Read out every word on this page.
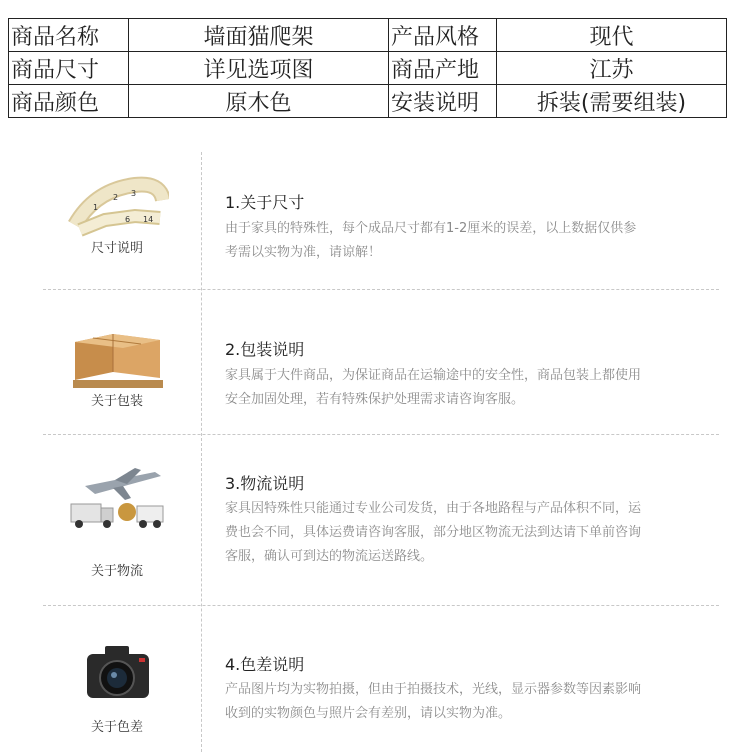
商品名称	墙面猫爬架	产品风格	现代
商品尺寸	详见选项图	商品产地	江苏
商品颜色	原木色	安装说明	拆装(需要组装)
1
2 3
6 14
尺寸说明
1.关于尺寸
由于家具的特殊性，每个成品尺寸都有1-2厘米的误差，以上数据仅供参
考需以实物为准，请谅解！
关于包装
2.包装说明
家具属于大件商品，为保证商品在运输途中的安全性，商品包装上都使用
安全加固处理，若有特殊保护处理需求请咨询客服。
关于物流
3.物流说明
家具因特殊性只能通过专业公司发货，由于各地路程与产品体积不同，运
费也会不同，具体运费请咨询客服，部分地区物流无法到达请下单前咨询
客服，确认可到达的物流运送路线。
关于色差
4.色差说明
产品图片均为实物拍摄，但由于拍摄技术，光线，显示器参数等因素影响
收到的实物颜色与照片会有差别，请以实物为准。
